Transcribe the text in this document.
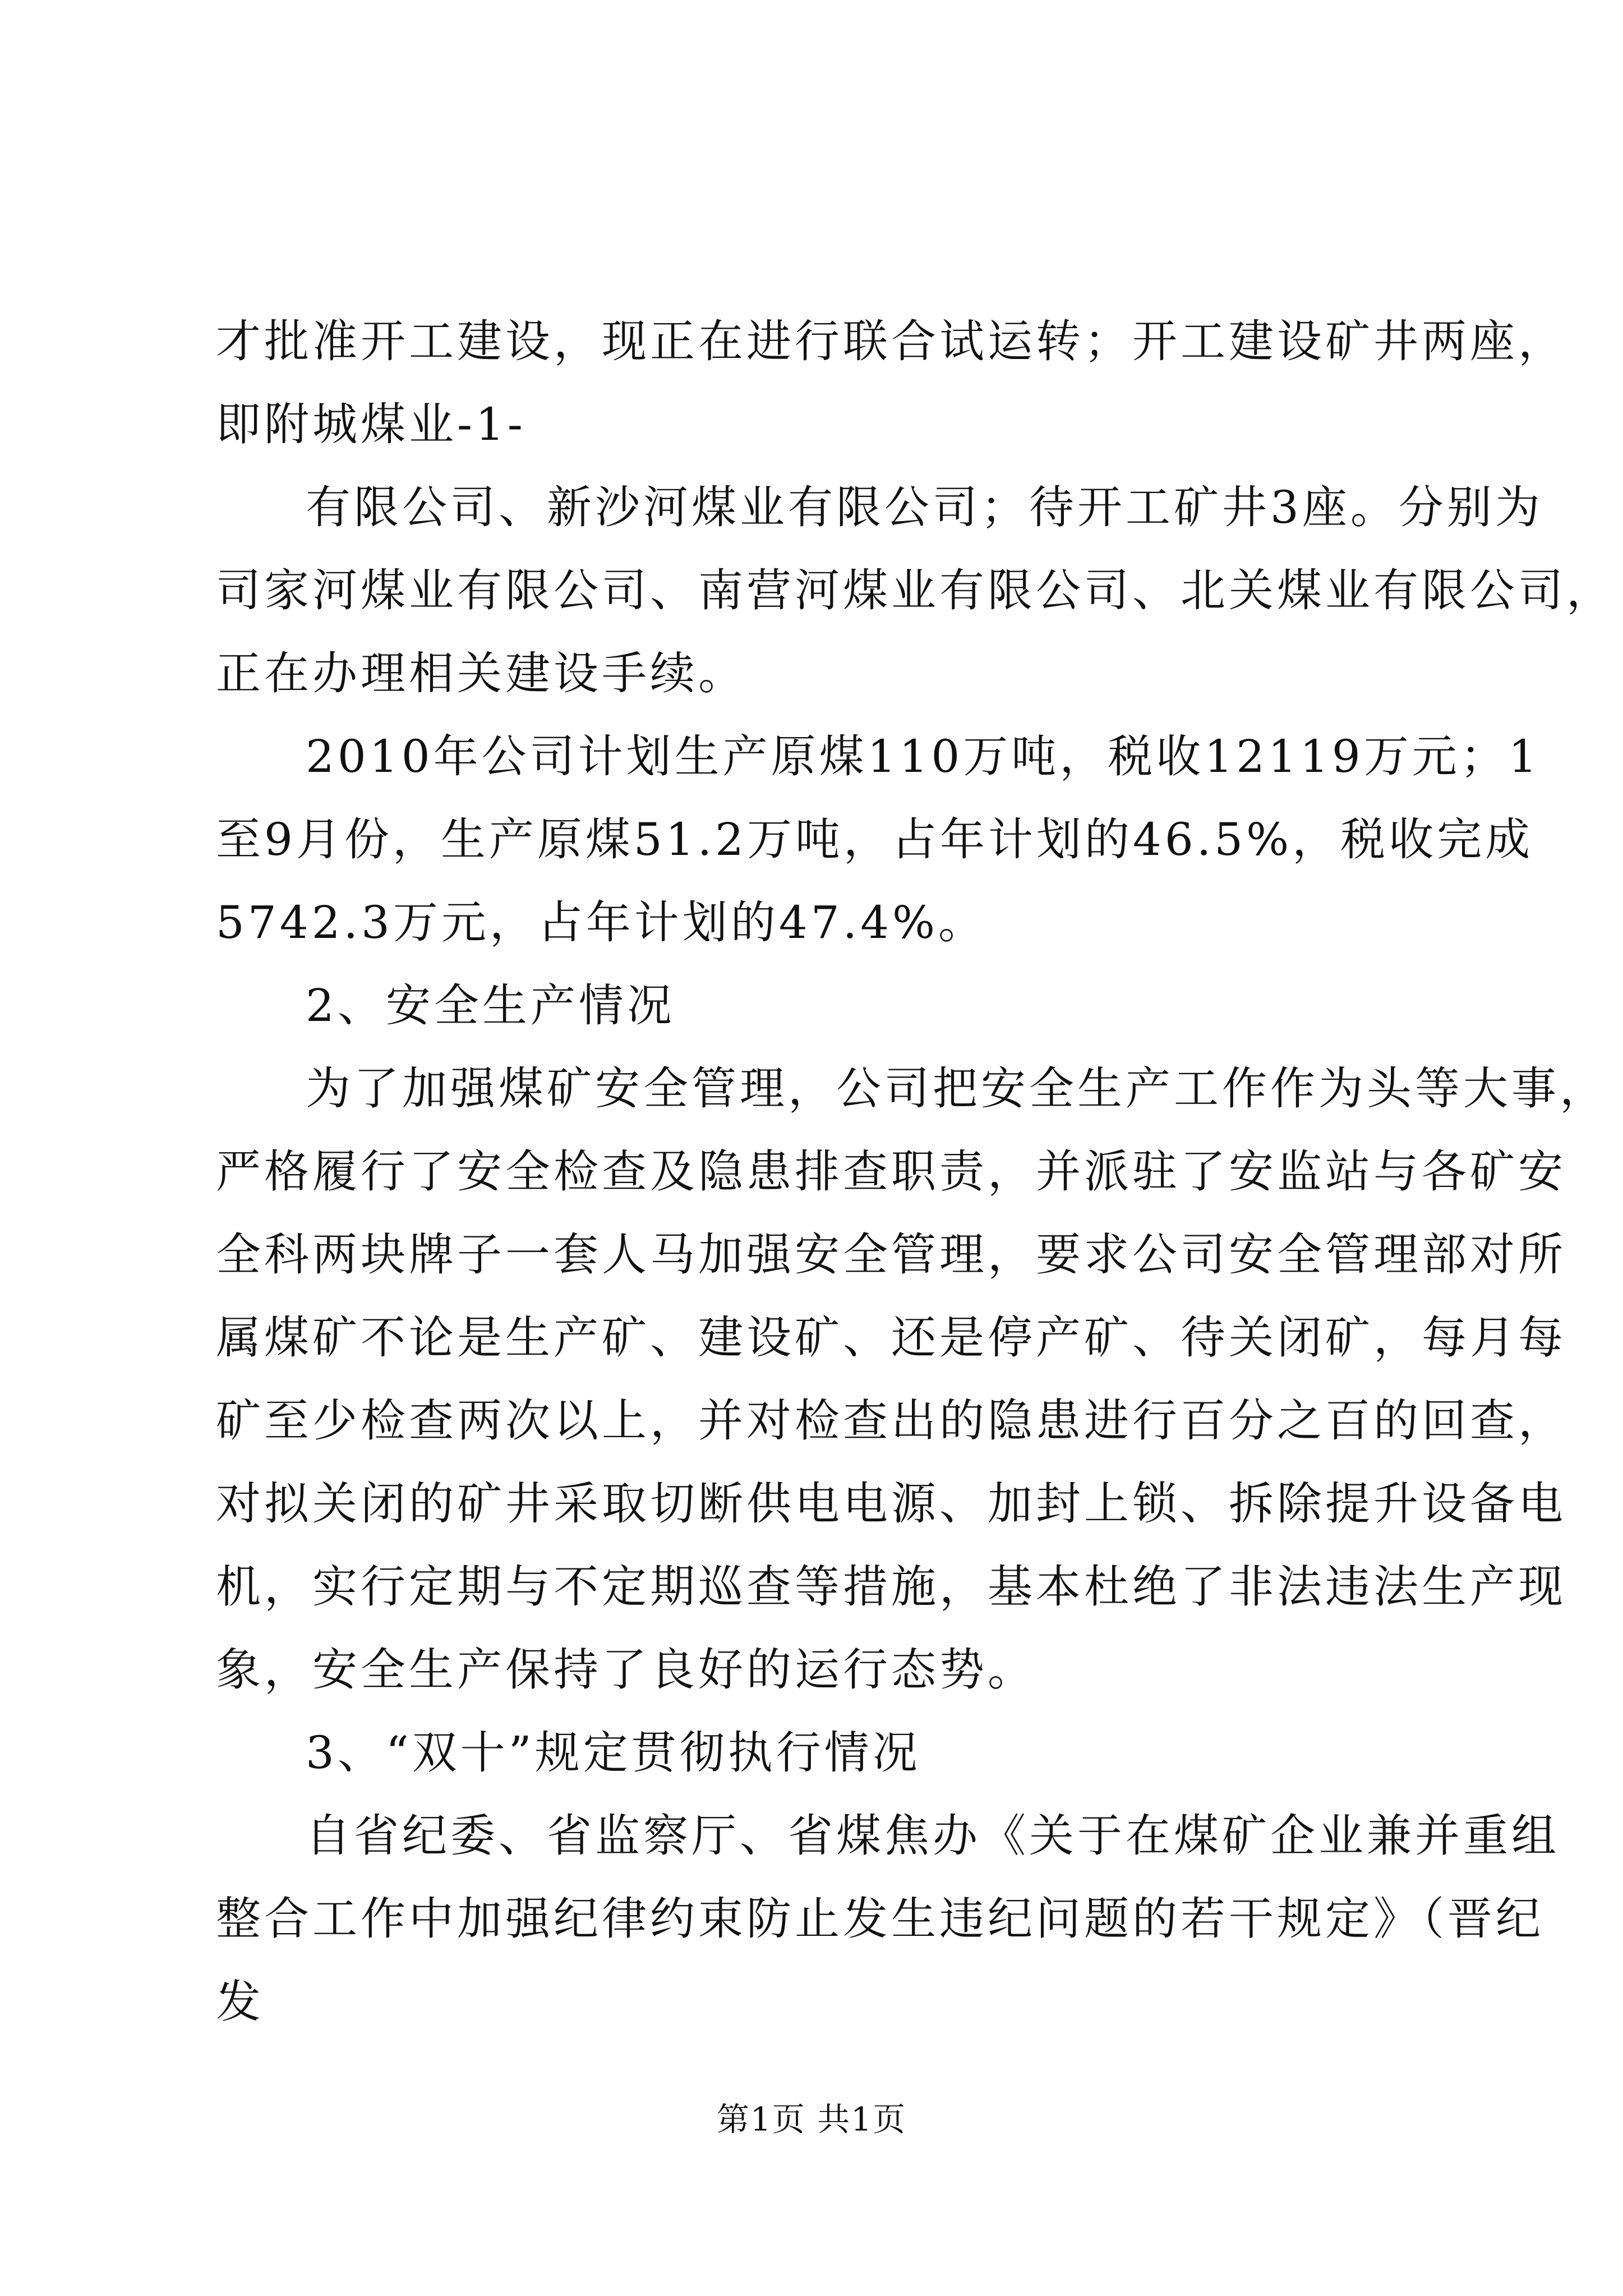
才批准开工建设，现正在进行联合试运转；开工建设矿井两座，
即附城煤业-1-
有限公司、新沙河煤业有限公司；待开工矿井3座。分别为
司家河煤业有限公司、南营河煤业有限公司、北关煤业有限公司，
正在办理相关建设手续。
2010年公司计划生产原煤110万吨，税收12119万元；1
至9月份，生产原煤51.2万吨，占年计划的46.5%，税收完成
5742.3万元，占年计划的47.4%。
2、安全生产情况
为了加强煤矿安全管理，公司把安全生产工作作为头等大事，
严格履行了安全检查及隐患排查职责，并派驻了安监站与各矿安
全科两块牌子一套人马加强安全管理，要求公司安全管理部对所
属煤矿不论是生产矿、建设矿、还是停产矿、待关闭矿，每月每
矿至少检查两次以上，并对检查出的隐患进行百分之百的回查，
对拟关闭的矿井采取切断供电电源、加封上锁、拆除提升设备电
机，实行定期与不定期巡查等措施，基本杜绝了非法违法生产现
象，安全生产保持了良好的运行态势。
3、“双十”规定贯彻执行情况
自省纪委、省监察厅、省煤焦办《关于在煤矿企业兼并重组
整合工作中加强纪律约束防止发生违纪问题的若干规定》（晋纪
发
第1页 共1页
